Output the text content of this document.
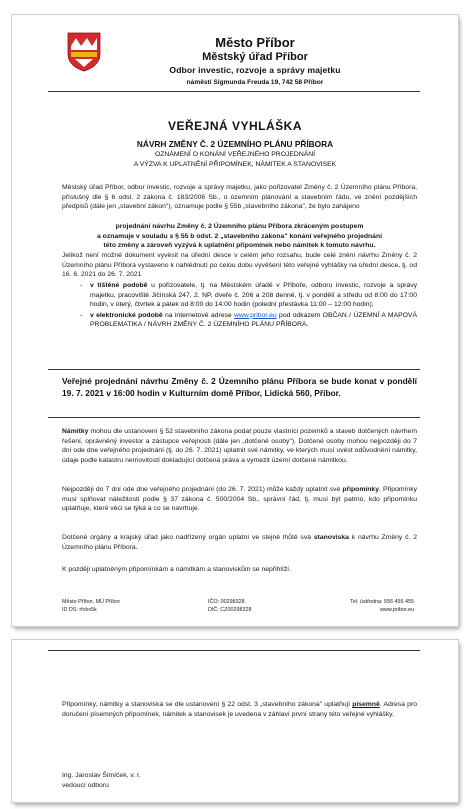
Město Příbor
Městský úřad Příbor
Odbor investic, rozvoje a správy majetku
náměstí Sigmunda Freuda 19, 742 58 Příbor
VEŘEJNÁ VYHLÁŠKA
NÁVRH ZMĚNY Č. 2 ÚZEMNÍHO PLÁNU PŘÍBORA
OZNÁMENÍ O KONÁNÍ VEŘEJNÉHO PROJEDNÁNÍ
A VÝZVA K UPLATNĚNÍ PŘIPOMÍNEK, NÁMITEK A STANOVISEK
Městský úřad Příbor, odbor investic, rozvoje a správy majetku, jako pořizovatel Změny č. 2 Územního plánu Příbora, příslušný dle § 6 odst. 2 zákona č. 183/2006 Sb., o územním plánování a stavebním řádu, ve znění pozdějších předpisů (dále jen „stavební zákon"), oznamuje podle § 55b „stavebního zákona", že bylo zahájeno
projednání návrhu Změny č. 2 Územního plánu Příbora zkráceným postupem
a oznamuje v souladu s § 55 b odst. 2 „stavebního zákona" konání veřejného projednání
této změny a zároveň vyzývá k uplatnění připomínek nebo námitek k tomuto návrhu.
Jelikož není možné dokument vyvěsit na úřední desce v celém jeho rozsahu, bude celé znění návrhu Změny č. 2 Územního plánu Příbora vystaveno k nahlédnutí po celou dobu vyvěšení této veřejné vyhlášky na úřední desce, tj. od 16. 6. 2021 do 26. 7. 2021
- v tištěné podobě u pořizovatele, tj. na Městském úřadě v Příboře, odboru investic, rozvoje a správy majetku, pracoviště Jičínská 247, 2. NP, dveře č. 206 a 208 denně, tj. v pondělí a středu od 8:00 do 17:00 hodin, v úterý, čtvrtek a pátek od 8:00 do 14:00 hodin (polední přestávka 11:00 – 12:00 hodin);
- v elektronické podobě na internetové adrese www.pribor.eu pod odkazem OBČAN / ÚZEMNÍ A MAPOVÁ PROBLEMATIKA / NÁVRH ZMĚNY Č. 2 ÚZEMNÍHO PLÁNU PŘÍBORA.
Veřejné projednání návrhu Změny č. 2 Územního plánu Příbora se bude konat v pondělí 19. 7. 2021 v 16:00 hodin v Kulturním domě Příbor, Lidická 560, Příbor.
Námitky mohou dle ustanovení § 52 stavebního zákona podat pouze vlastníci pozemků a staveb dotčených návrhem řešení, oprávněný investor a zástupce veřejnosti (dále jen „dotčené osoby"). Dotčené osoby mohou nejpozději do 7 dní ode dne veřejného projednání (tj. do 26. 7. 2021) uplatnit své námitky, ve kterých musí uvést odůvodnění námitky, údaje podle katastru nemovitostí dokladující dotčená práva a vymezit území dotčené námitkou.
Nejpozději do 7 dní ode dne veřejného projednání (do 26. 7. 2021) může každý uplatnit své připomínky. Připomínky musí splňovat náležitosti podle § 37 zákona č. 500/2004 Sb., správní řád, tj. musí být patrno, kdo připomínku uplatňuje, které věci se týká a co se navrhuje.
Dotčené orgány a krajský úřad jako nadřízený orgán uplatní ve stejné lhůtě svá stanoviska k návrhu Změny č. 2 Územního plánu Příbora.
K později uplatněným připomínkám a námitkám a stanoviskům se nepřihlíží.
Město Příbor, MÚ Příbor
ID DS: rfvbx5k
IČO: 00298328
DIČ: CZ00298328
Tel. ústředna: 556 455 455
www.pribor.eu
Připomínky, námitky a stanoviska se dle ustanovení § 22 odst. 3 „stavebního zákona" uplatňují písemně. Adresa pro doručení písemných připomínek, námitek a stanovisek je uvedena v záhlaví první strany této veřejné vyhlášky.
Ing. Jaroslav Šimíček, v. r.
vedoucí odboru
